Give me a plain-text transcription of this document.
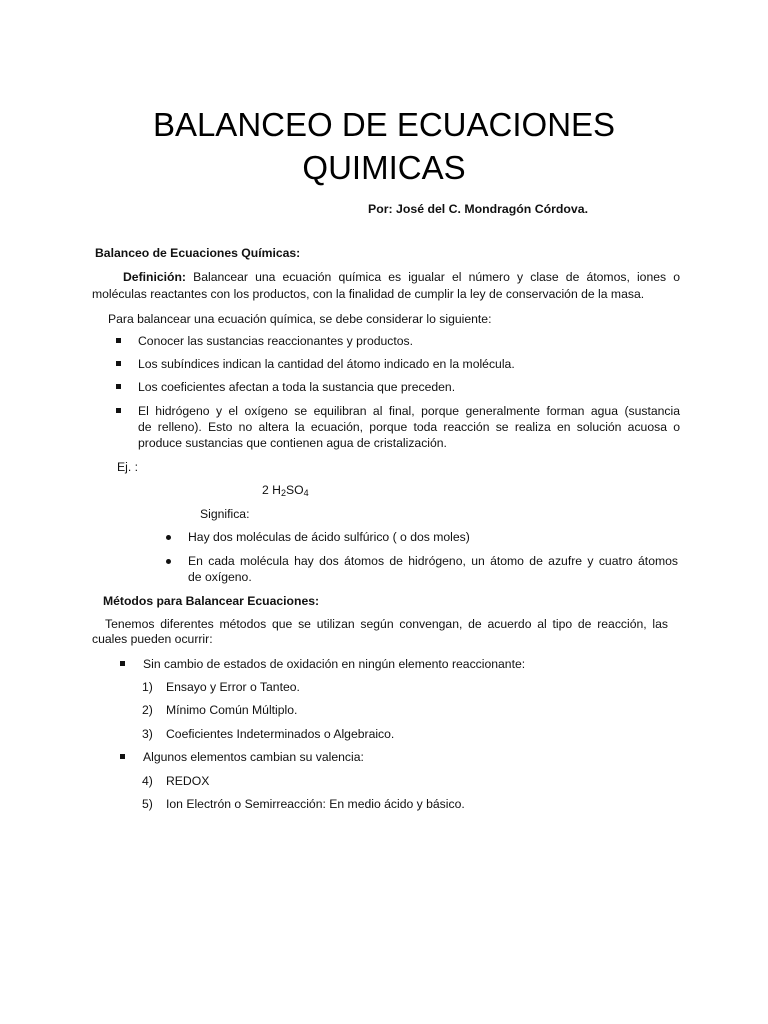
BALANCEO DE ECUACIONES QUIMICAS

Por: José del C. Mondragón Córdova.

Balanceo de Ecuaciones Químicas:

Definición: Balancear una ecuación química es igualar el número y clase de átomos, iones o

moléculas reactantes con los productos, con la finalidad de cumplir la ley de conservación de la masa.

Para balancear una ecuación química, se debe considerar lo siguiente:

Conocer las sustancias reaccionantes y productos.

Los subíndices indican la cantidad del átomo indicado en la molécula.

Los coeficientes afectan a toda la sustancia que preceden.

El hidrógeno y el oxígeno se equilibran al final, porque generalmente forman agua (sustancia

de relleno). Esto no altera la ecuación, porque toda reacción se realiza en solución acuosa o

produce sustancias que contienen agua de cristalización.

Ej. :

2 $H_2SO_4$

Significa:

Hay dos moléculas de ácido sulfúrico ( o dos moles)

En cada molécula hay dos átomos de hidrógeno, un átomo de azufre y cuatro átomos

de oxígeno.

Métodos para Balancear Ecuaciones:

Tenemos diferentes métodos que se utilizan según convengan, de acuerdo al tipo de reacción, las

cuales pueden ocurrir:

Sin cambio de estados de oxidación en ningún elemento reaccionante:

1) Ensayo y Error o Tanteo.

2) Mínimo Común Múltiplo.

3) Coeficientes Indeterminados o Algebraico.

Algunos elementos cambian su valencia:

4) REDOX

5) Ion Electrón o Semirreacción: En medio ácido y básico.
